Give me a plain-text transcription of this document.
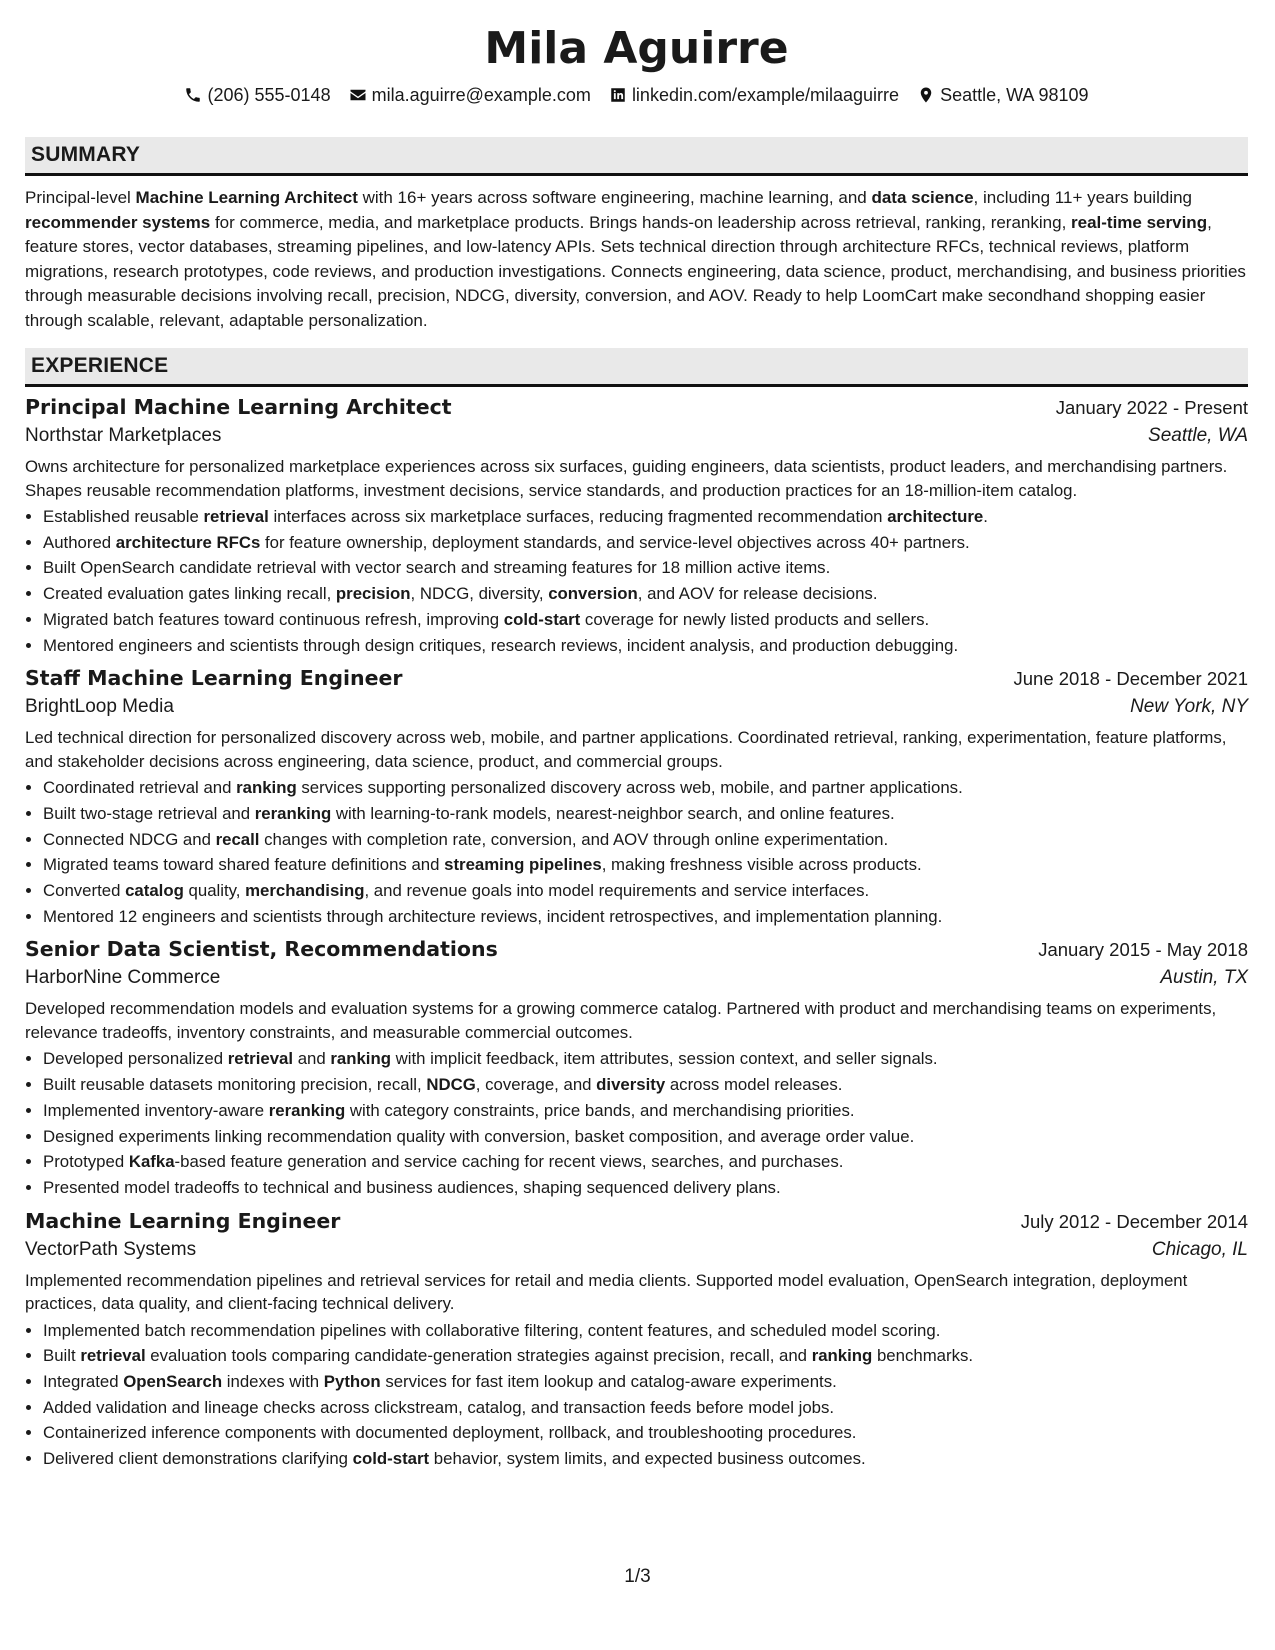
Mila Aguirre
(206) 555-0148 mila.aguirre@example.com linkedin.com/example/milaaguirre Seattle, WA 98109
SUMMARY
Principal-level Machine Learning Architect with 16+ years across software engineering, machine learning, and data science, including 11+ years building recommender systems for commerce, media, and marketplace products. Brings hands-on leadership across retrieval, ranking, reranking, real-time serving, feature stores, vector databases, streaming pipelines, and low-latency APIs. Sets technical direction through architecture RFCs, technical reviews, platform migrations, research prototypes, code reviews, and production investigations. Connects engineering, data science, product, merchandising, and business priorities through measurable decisions involving recall, precision, NDCG, diversity, conversion, and AOV. Ready to help LoomCart make secondhand shopping easier through scalable, relevant, adaptable personalization.
EXPERIENCE
Principal Machine Learning Architect	January 2022 - Present
Northstar Marketplaces	Seattle, WA
Owns architecture for personalized marketplace experiences across six surfaces, guiding engineers, data scientists, product leaders, and merchandising partners. Shapes reusable recommendation platforms, investment decisions, service standards, and production practices for an 18-million-item catalog.
• Established reusable retrieval interfaces across six marketplace surfaces, reducing fragmented recommendation architecture.
• Authored architecture RFCs for feature ownership, deployment standards, and service-level objectives across 40+ partners.
• Built OpenSearch candidate retrieval with vector search and streaming features for 18 million active items.
• Created evaluation gates linking recall, precision, NDCG, diversity, conversion, and AOV for release decisions.
• Migrated batch features toward continuous refresh, improving cold-start coverage for newly listed products and sellers.
• Mentored engineers and scientists through design critiques, research reviews, incident analysis, and production debugging.
Staff Machine Learning Engineer	June 2018 - December 2021
BrightLoop Media	New York, NY
Led technical direction for personalized discovery across web, mobile, and partner applications. Coordinated retrieval, ranking, experimentation, feature platforms, and stakeholder decisions across engineering, data science, product, and commercial groups.
• Coordinated retrieval and ranking services supporting personalized discovery across web, mobile, and partner applications.
• Built two-stage retrieval and reranking with learning-to-rank models, nearest-neighbor search, and online features.
• Connected NDCG and recall changes with completion rate, conversion, and AOV through online experimentation.
• Migrated teams toward shared feature definitions and streaming pipelines, making freshness visible across products.
• Converted catalog quality, merchandising, and revenue goals into model requirements and service interfaces.
• Mentored 12 engineers and scientists through architecture reviews, incident retrospectives, and implementation planning.
Senior Data Scientist, Recommendations	January 2015 - May 2018
HarborNine Commerce	Austin, TX
Developed recommendation models and evaluation systems for a growing commerce catalog. Partnered with product and merchandising teams on experiments, relevance tradeoffs, inventory constraints, and measurable commercial outcomes.
• Developed personalized retrieval and ranking with implicit feedback, item attributes, session context, and seller signals.
• Built reusable datasets monitoring precision, recall, NDCG, coverage, and diversity across model releases.
• Implemented inventory-aware reranking with category constraints, price bands, and merchandising priorities.
• Designed experiments linking recommendation quality with conversion, basket composition, and average order value.
• Prototyped Kafka-based feature generation and service caching for recent views, searches, and purchases.
• Presented model tradeoffs to technical and business audiences, shaping sequenced delivery plans.
Machine Learning Engineer	July 2012 - December 2014
VectorPath Systems	Chicago, IL
Implemented recommendation pipelines and retrieval services for retail and media clients. Supported model evaluation, OpenSearch integration, deployment practices, data quality, and client-facing technical delivery.
• Implemented batch recommendation pipelines with collaborative filtering, content features, and scheduled model scoring.
• Built retrieval evaluation tools comparing candidate-generation strategies against precision, recall, and ranking benchmarks.
• Integrated OpenSearch indexes with Python services for fast item lookup and catalog-aware experiments.
• Added validation and lineage checks across clickstream, catalog, and transaction feeds before model jobs.
• Containerized inference components with documented deployment, rollback, and troubleshooting procedures.
• Delivered client demonstrations clarifying cold-start behavior, system limits, and expected business outcomes.
1/3
